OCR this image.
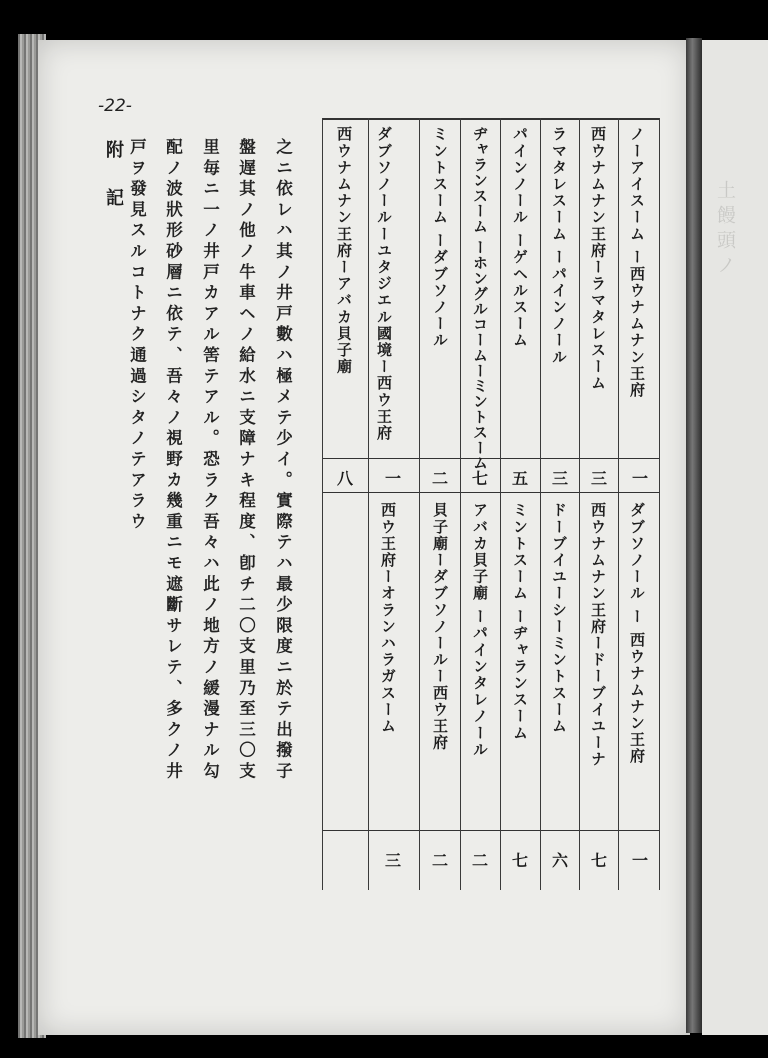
土饅頭ノ
-22-
附記	之ニ依レハ其ノ井戸數ハ極メテ少イ。實際テハ最少限度ニ於テ出撥子
盤遅其ノ他ノ牛車ヘノ給水ニ支障ナキ程度、卽チ二〇支里乃至三〇支
里毎ニ一ノ井戸カアル筈テアル。恐ラク吾々ハ此ノ地方ノ緩漫ナル勾
配ノ波狀形砂層ニ依テ、吾々ノ視野カ幾重ニモ遮斷サレテ、多クノ井
戸ヲ發見スルコトナク通過シタノテアラウ	ノーアイスーム ー西ウナムナン王府
一
ダブソノール ー 西ウナムナン王府
一
西ウナムナン王府ーラマタレスーム
三
西ウナムナン王府ードーブイユーナ
七
ラマタレスーム ーパインノール
三
ドーブイユーシーミントスーム
六
パインノール ーゲヘルスーム
五
ミントスーム ーヂャランスーム
七
ヂャランスーム ーホングルコームーミントスーム
七
アバカ貝子廟 ーパインタレノール
二
ミントスーム ーダブソノール
二
貝子廟ーダブソノールー西ウ王府
二
ダブソノールーユタジエル國境ー西ウ王府
一
西ウ王府ーオランハラガスーム
三
西ウナムナン王府ーアバカ貝子廟
八
